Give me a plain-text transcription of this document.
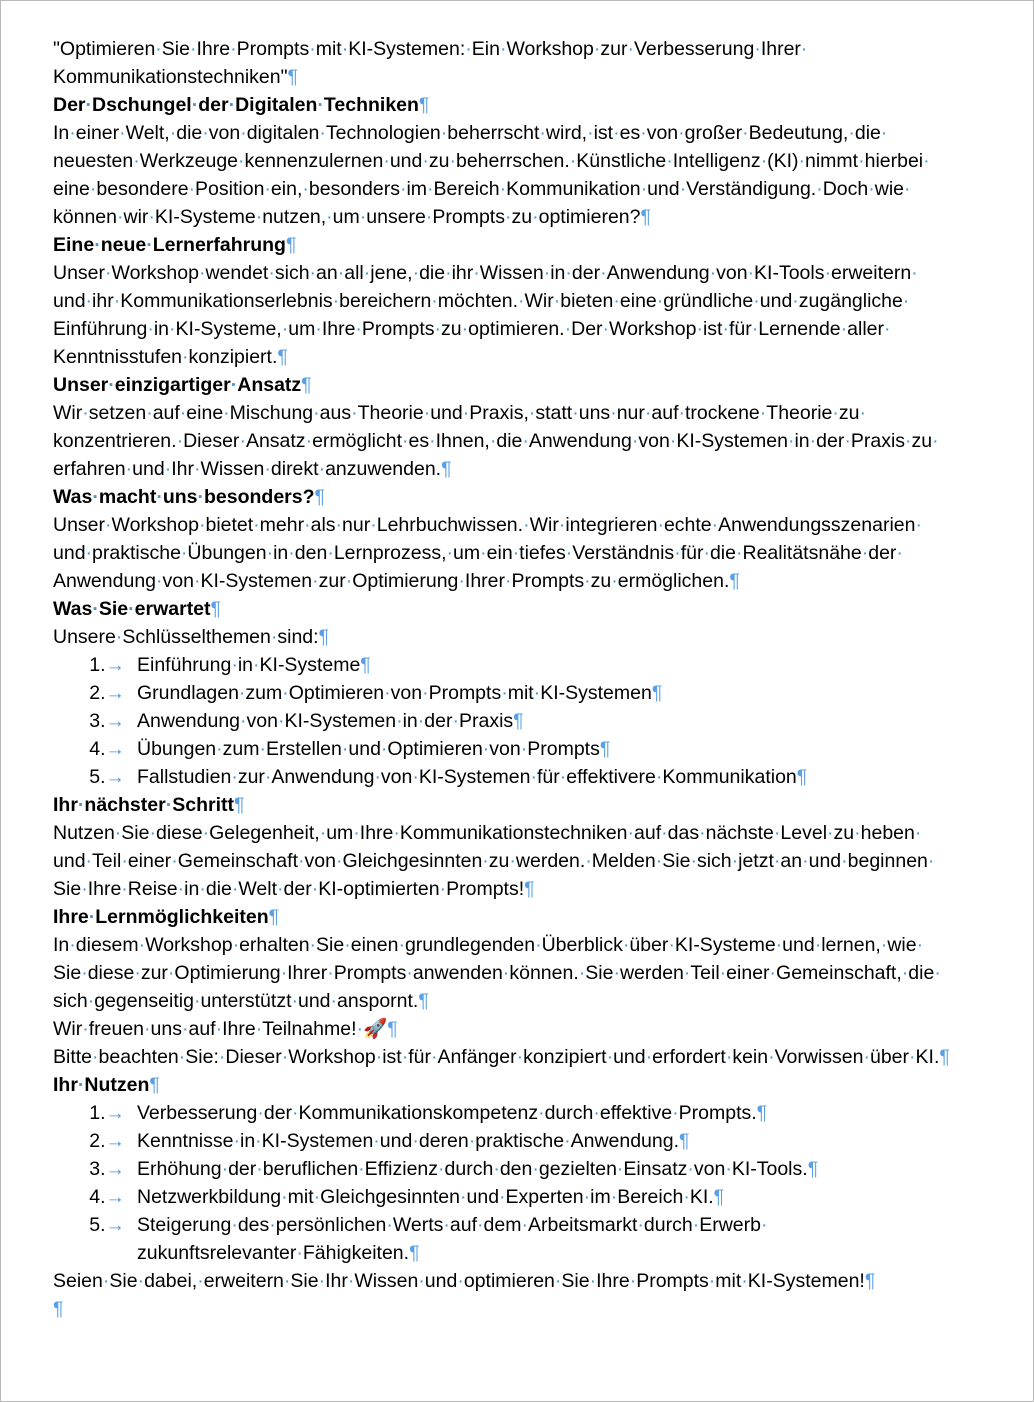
"Optimieren·Sie·Ihre·Prompts·mit·KI-Systemen:·Ein·Workshop·zur·Verbesserung·Ihrer·Kommunikationstechniken"¶

Der·Dschungel·der·Digitalen·Techniken¶

In·einer·Welt,·die·von·digitalen·Technologien·beherrscht·wird,·ist·es·von·großer·Bedeutung,·die·neuesten·Werkzeuge·kennenzulernen·und·zu·beherrschen.·Künstliche·Intelligenz·(KI)·nimmt·hierbei·eine·besondere·Position·ein,·besonders·im·Bereich·Kommunikation·und·Verständigung.·Doch·wie·können·wir·KI-Systeme·nutzen,·um·unsere·Prompts·zu·optimieren?¶

Eine·neue·Lernerfahrung¶

Unser·Workshop·wendet·sich·an·all·jene,·die·ihr·Wissen·in·der·Anwendung·von·KI-Tools·erweitern·und·ihr·Kommunikationserlebnis·bereichern·möchten.·Wir·bieten·eine·gründliche·und·zugängliche·Einführung·in·KI-Systeme,·um·Ihre·Prompts·zu·optimieren.·Der·Workshop·ist·für·Lernende·aller·Kenntnisstufen·konzipiert.¶

Unser·einzigartiger·Ansatz¶

Wir·setzen·auf·eine·Mischung·aus·Theorie·und·Praxis,·statt·uns·nur·auf·trockene·Theorie·zu·konzentrieren.·Dieser·Ansatz·ermöglicht·es·Ihnen,·die·Anwendung·von·KI-Systemen·in·der·Praxis·zu·erfahren·und·Ihr·Wissen·direkt·anzuwenden.¶

Was·macht·uns·besonders?¶

Unser·Workshop·bietet·mehr·als·nur·Lehrbuchwissen.·Wir·integrieren·echte·Anwendungsszenarien·und·praktische·Übungen·in·den·Lernprozess,·um·ein·tiefes·Verständnis·für·die·Realitätsnähe·der·Anwendung·von·KI-Systemen·zur·Optimierung·Ihrer·Prompts·zu·ermöglichen.¶

Was·Sie·erwartet¶

Unsere·Schlüsselthemen·sind:¶

1.→ Einführung·in·KI-Systeme¶
2.→ Grundlagen·zum·Optimieren·von·Prompts·mit·KI-Systemen¶
3.→ Anwendung·von·KI-Systemen·in·der·Praxis¶
4.→ Übungen·zum·Erstellen·und·Optimieren·von·Prompts¶
5.→ Fallstudien·zur·Anwendung·von·KI-Systemen·für·effektivere·Kommunikation¶

Ihr·nächster·Schritt¶

Nutzen·Sie·diese·Gelegenheit,·um·Ihre·Kommunikationstechniken·auf·das·nächste·Level·zu·heben·und·Teil·einer·Gemeinschaft·von·Gleichgesinnten·zu·werden.·Melden·Sie·sich·jetzt·an·und·beginnen·Sie·Ihre·Reise·in·die·Welt·der·KI-optimierten·Prompts!¶

Ihre·Lernmöglichkeiten¶

In·diesem·Workshop·erhalten·Sie·einen·grundlegenden·Überblick·über·KI-Systeme·und·lernen,·wie·Sie·diese·zur·Optimierung·Ihrer·Prompts·anwenden·können.·Sie·werden·Teil·einer·Gemeinschaft,·die·sich·gegenseitig·unterstützt·und·anspornt.¶

Wir·freuen·uns·auf·Ihre·Teilnahme!·🚀¶

Bitte·beachten·Sie:·Dieser·Workshop·ist·für·Anfänger·konzipiert·und·erfordert·kein·Vorwissen·über·KI.¶

Ihr·Nutzen¶

1.→ Verbesserung·der·Kommunikationskompetenz·durch·effektive·Prompts.¶
2.→ Kenntnisse·in·KI-Systemen·und·deren·praktische·Anwendung.¶
3.→ Erhöhung·der·beruflichen·Effizienz·durch·den·gezielten·Einsatz·von·KI-Tools.¶
4.→ Netzwerkbildung·mit·Gleichgesinnten·und·Experten·im·Bereich·KI.¶
5.→ Steigerung·des·persönlichen·Werts·auf·dem·Arbeitsmarkt·durch·Erwerb·zukunftsrelevanter·Fähigkeiten.¶

Seien·Sie·dabei,·erweitern·Sie·Ihr·Wissen·und·optimieren·Sie·Ihre·Prompts·mit·KI-Systemen!¶

¶
